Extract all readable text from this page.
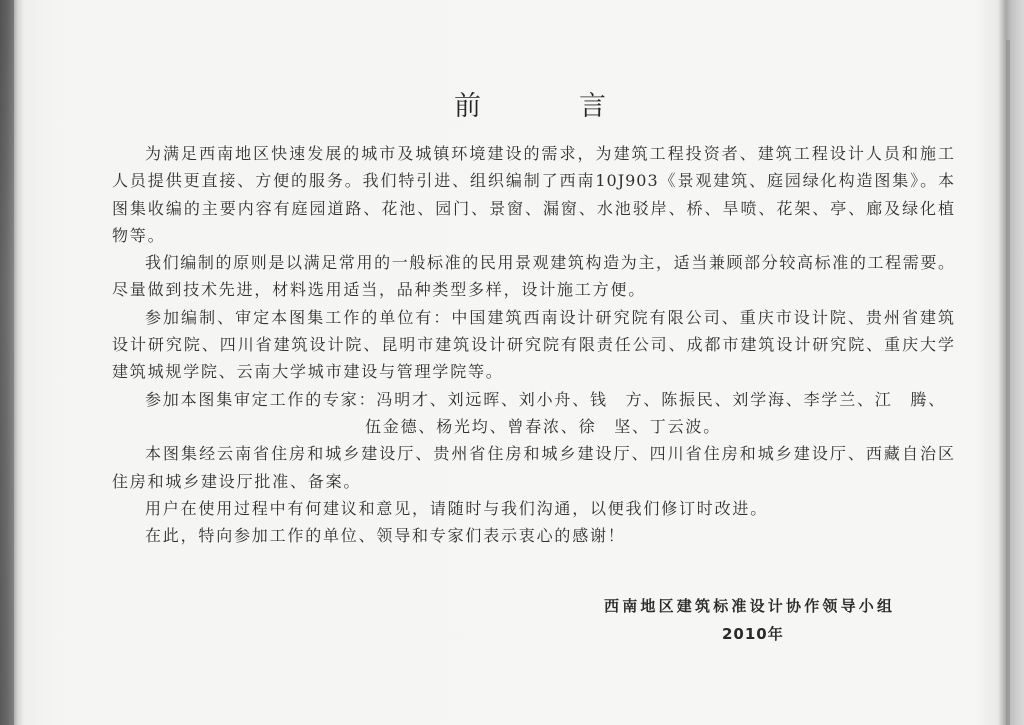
前言
为满足西南地区快速发展的城市及城镇环境建设的需求，为建筑工程投资者、建筑工程设计人员和施工
人员提供更直接、方便的服务。我们特引进、组织编制了西南10J903《景观建筑、庭园绿化构造图集》。本
图集收编的主要内容有庭园道路、花池、园门、景窗、漏窗、水池驳岸、桥、旱喷、花架、亭、廊及绿化植
物等。
我们编制的原则是以满足常用的一般标准的民用景观建筑构造为主，适当兼顾部分较高标准的工程需要。
尽量做到技术先进，材料选用适当，品种类型多样，设计施工方便。
参加编制、审定本图集工作的单位有：中国建筑西南设计研究院有限公司、重庆市设计院、贵州省建筑
设计研究院、四川省建筑设计院、昆明市建筑设计研究院有限责任公司、成都市建筑设计研究院、重庆大学
建筑城规学院、云南大学城市建设与管理学院等。
参加本图集审定工作的专家：冯明才、刘远晖、刘小舟、钱　方、陈振民、刘学海、李学兰、江　腾、
伍金德、杨光均、曾春浓、徐　坚、丁云波。
本图集经云南省住房和城乡建设厅、贵州省住房和城乡建设厅、四川省住房和城乡建设厅、西藏自治区
住房和城乡建设厅批准、备案。
用户在使用过程中有何建议和意见，请随时与我们沟通，以便我们修订时改进。
在此，特向参加工作的单位、领导和专家们表示衷心的感谢！
西南地区建筑标准设计协作领导小组
2010年
